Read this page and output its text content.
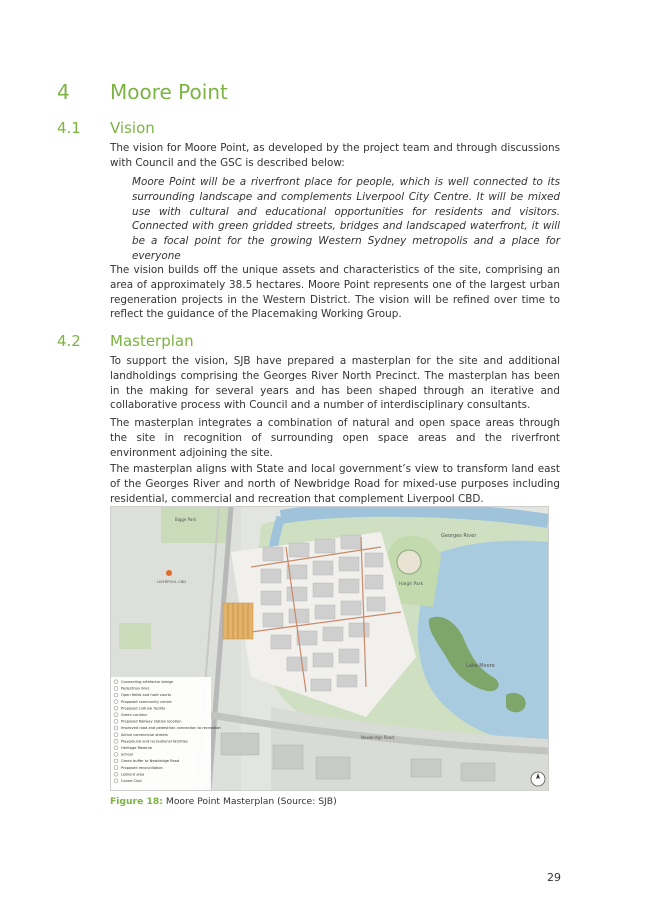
4 Moore Point
4.1 Vision

The vision for Moore Point, as developed by the project team and through discussions with Council and the GSC is described below:

Moore Point will be a riverfront place for people, which is well connected to its surrounding landscape and complements Liverpool City Centre. It will be mixed use with cultural and educational opportunities for residents and visitors. Connected with green gridded streets, bridges and landscaped waterfront, it will be a focal point for the growing Western Sydney metropolis and a place for everyone

The vision builds off the unique assets and characteristics of the site, comprising an area of approximately 38.5 hectares. Moore Point represents one of the largest urban regeneration projects in the Western District. The vision will be refined over time to reflect the guidance of the Placemaking Working Group.

4.2 Masterplan

To support the vision, SJB have prepared a masterplan for the site and additional landholdings comprising the Georges River North Precinct. The masterplan has been in the making for several years and has been shaped through an iterative and collaborative process with Council and a number of interdisciplinary consultants.

The masterplan integrates a combination of natural and open space areas through the site in recognition of surrounding open space areas and the riverfront environment adjoining the site.

The masterplan aligns with State and local government’s view to transform land east of the Georges River and north of Newbridge Road for mixed-use purposes including residential, commercial and recreation that complement Liverpool CBD.

Connecting artefactor bridge
Pedestrian links
Open fields and hard courts
Proposed community centre
Proposed cultural facility
Green corridor
Proposed Railway station location
Improved road and pedestrian connection to recreation
Active commercial streets
Playground and recreational facilities
Heritage Reserve
School
Green buffer to Newbridge Road
Proposed reconciliation
Lookout area
Canoe Club
Georges River
Haigh Park
Lake Moore
Bigge Park
LIVERPOOL CBD
Newbridge Road
Figure 18: Moore Point Masterplan (Source: SJB)
29
